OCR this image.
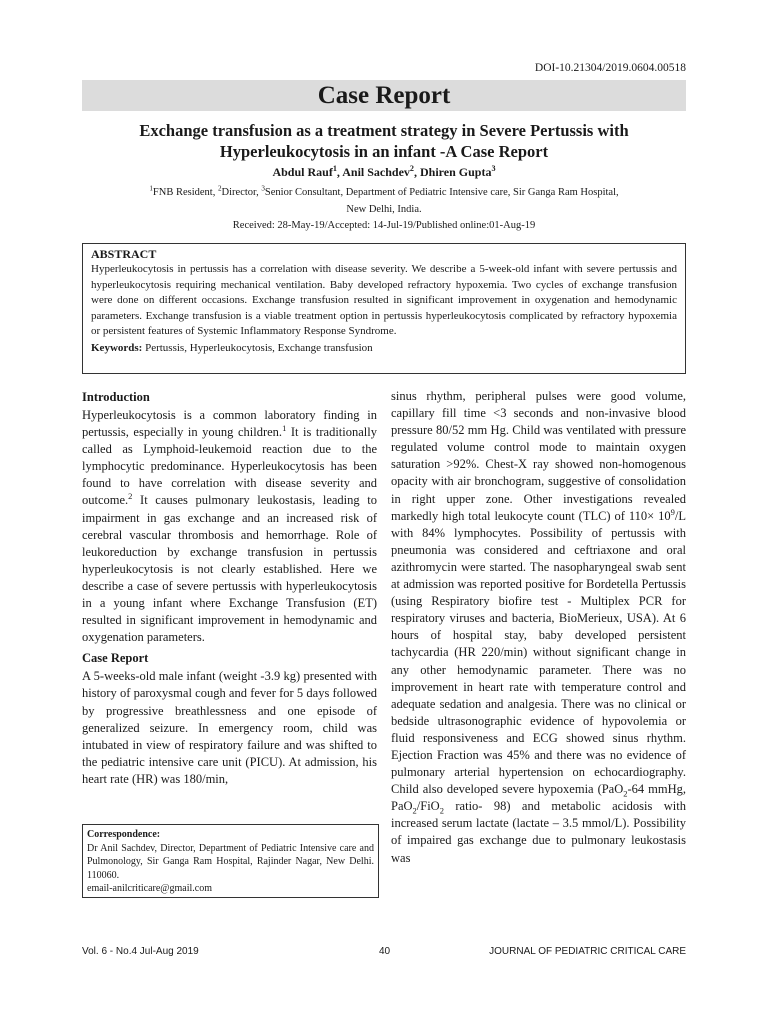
DOI-10.21304/2019.0604.00518
Case Report
Exchange transfusion as a treatment strategy in Severe Pertussis with
Hyperleukocytosis in an infant -A Case Report
Abdul Rauf$^1$, Anil Sachdev$^2$, Dhiren Gupta$^3$
$^1$FNB Resident, $^2$Director, $^3$Senior Consultant, Department of Pediatric Intensive care, Sir Ganga Ram Hospital,
New Delhi, India.
Received: 28-May-19/Accepted: 14-Jul-19/Published online:01-Aug-19
ABSTRACT

Hyperleukocytosis in pertussis has a correlation with disease severity. We describe a 5-week-old infant with severe pertussis and hyperleukocytosis requiring mechanical ventilation. Baby developed refractory hypoxemia. Two cycles of exchange transfusion were done on different occasions. Exchange transfusion resulted in significant improvement in oxygenation and hemodynamic parameters. Exchange transfusion is a viable treatment option in pertussis hyperleukocytosis complicated by refractory hypoxemia or persistent features of Systemic Inflammatory Response Syndrome.

Keywords: Pertussis, Hyperleukocytosis, Exchange transfusion
Introduction

Hyperleukocytosis is a common laboratory finding in pertussis, especially in young children.$^1$ It is traditionally called as Lymphoid-leukemoid reaction due to the lymphocytic predominance. Hyperleukocytosis has been found to have correlation with disease severity and outcome.$^2$ It causes pulmonary leukostasis, leading to impairment in gas exchange and an increased risk of cerebral vascular thrombosis and hemorrhage. Role of leukoreduction by exchange transfusion in pertussis hyperleukocytosis is not clearly established. Here we describe a case of severe pertussis with hyperleukocytosis in a young infant where Exchange Transfusion (ET) resulted in significant improvement in hemodynamic and oxygenation parameters.

Case Report

A 5-weeks-old male infant (weight -3.9 kg) presented with history of paroxysmal cough and fever for 5 days followed by progressive breathlessness and one episode of generalized seizure. In emergency room, child was intubated in view of respiratory failure and was shifted to the pediatric intensive care unit (PICU). At admission, his heart rate (HR) was 180/min,

sinus rhythm, peripheral pulses were good volume, capillary fill time <3 seconds and non-invasive blood pressure 80/52 mm Hg. Child was ventilated with pressure regulated volume control mode to maintain oxygen saturation >92%. Chest-X ray showed non-homogenous opacity with air bronchogram, suggestive of consolidation in right upper zone. Other investigations revealed markedly high total leukocyte count (TLC) of $110\times 10^9/L$ with 84% lymphocytes. Possibility of pertussis with pneumonia was considered and ceftriaxone and oral azithromycin were started. The nasopharyngeal swab sent at admission was reported positive for Bordetella Pertussis (using Respiratory biofire test - Multiplex PCR for respiratory viruses and bacteria, BioMerieux, USA). At 6 hours of hospital stay, baby developed persistent tachycardia (HR 220/min) without significant change in any other hemodynamic parameter. There was no improvement in heart rate with temperature control and adequate sedation and analgesia. There was no clinical or bedside ultrasonographic evidence of hypovolemia or fluid responsiveness and ECG showed sinus rhythm. Ejection Fraction was 45% and there was no evidence of pulmonary arterial hypertension on echocardiography. Child also developed severe hypoxemia (PaO$_2$-64 mmHg, PaO$_2$/FiO$_2$ ratio- 98) and metabolic acidosis with increased serum lactate (lactate – 3.5 mmol/L). Possibility of impaired gas exchange due to pulmonary leukostasis was

Correspondence:
Dr Anil Sachdev, Director, Department of Pediatric Intensive care and Pulmonology, Sir Ganga Ram Hospital, Rajinder Nagar, New Delhi. 110060.
email-anilcriticare@gmail.com
Vol. 6 - No.4 Jul-Aug 2019	40	JOURNAL OF PEDIATRIC CRITICAL CARE
